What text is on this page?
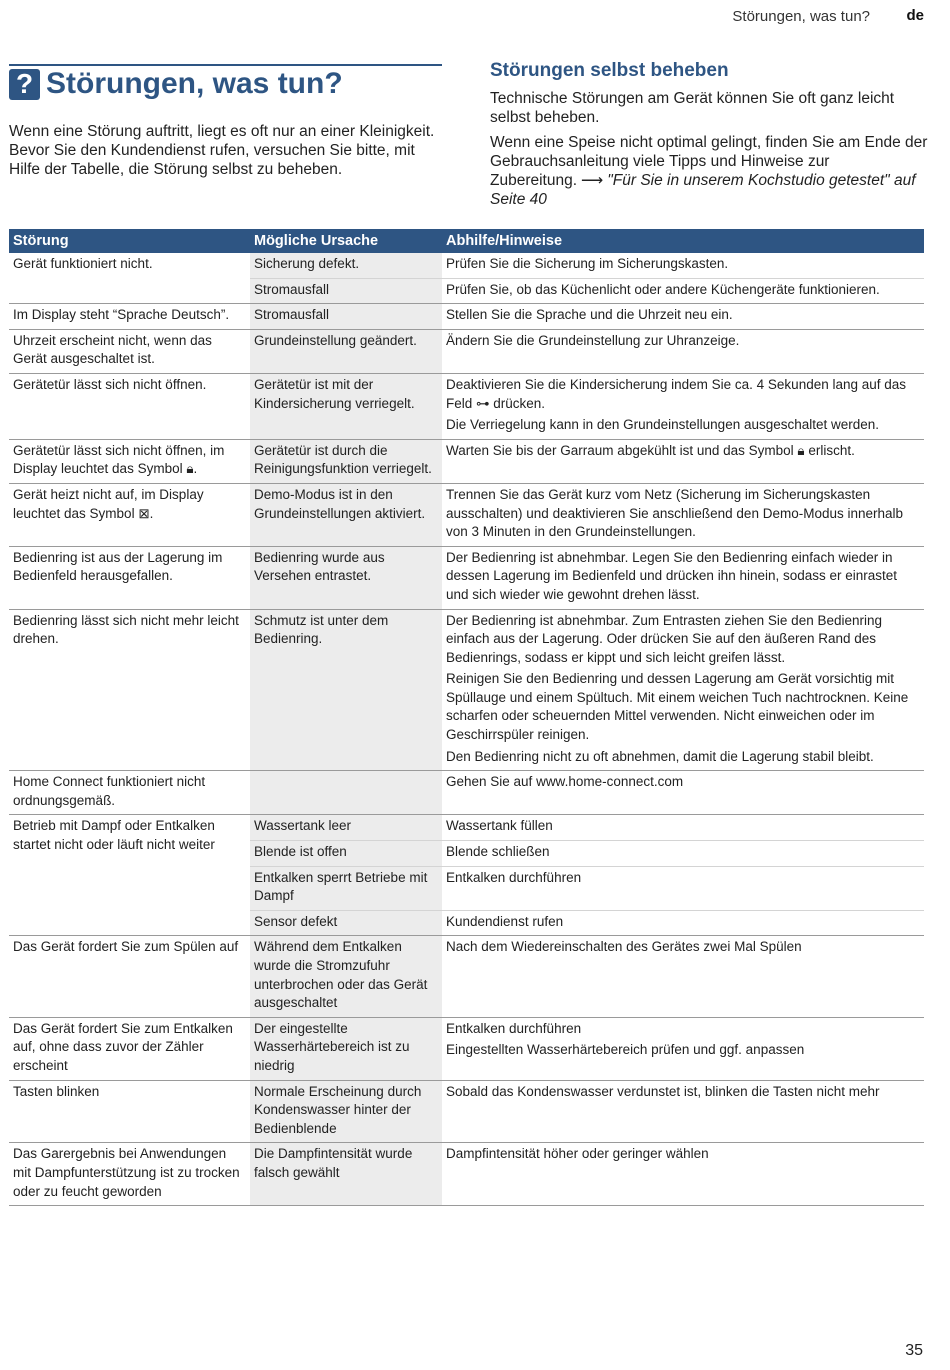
Störungen, was tun? de
? Störungen, was tun?
Wenn eine Störung auftritt, liegt es oft nur an einer Kleinigkeit. Bevor Sie den Kundendienst rufen, versuchen Sie bitte, mit Hilfe der Tabelle, die Störung selbst zu beheben.
Störungen selbst beheben

Technische Störungen am Gerät können Sie oft ganz leicht selbst beheben.

Wenn eine Speise nicht optimal gelingt, finden Sie am Ende der Gebrauchsanleitung viele Tipps und Hinweise zur Zubereitung. ⟶ "Für Sie in unserem Kochstudio getestet" auf Seite 40

Störung	Mögliche Ursache	Abhilfe/Hinweise
Gerät funktioniert nicht.	Sicherung defekt.	Prüfen Sie die Sicherung im Sicherungskasten.

	Stromausfall	Prüfen Sie, ob das Küchenlicht oder andere Küchengeräte funktionieren.

Im Display steht “Sprache Deutsch”.	Stromausfall	Stellen Sie die Sprache und die Uhrzeit neu ein.

Uhrzeit erscheint nicht, wenn das Gerät ausgeschaltet ist.	Grundeinstellung geändert.	Ändern Sie die Grundeinstellung zur Uhranzeige.

Gerätetür lässt sich nicht öffnen.	Gerätetür ist mit der Kindersicherung verriegelt.	Deaktivieren Sie die Kindersicherung indem Sie ca. 4 Sekunden lang auf das Feld ⊶ drücken.
Die Verriegelung kann in den Grundeinstellungen ausgeschaltet werden.

Gerätetür lässt sich nicht öffnen, im Display leuchtet das Symbol 🔒︎.	Gerätetür ist durch die Reinigungsfunktion verriegelt.	Warten Sie bis der Garraum abgekühlt ist und das Symbol 🔒︎ erlischt.

Gerät heizt nicht auf, im Display leuchtet das Symbol ⊠.	Demo-Modus ist in den Grundeinstellungen aktiviert.	Trennen Sie das Gerät kurz vom Netz (Sicherung im Sicherungskasten ausschalten) und deaktivieren Sie anschließend den Demo-Modus innerhalb von 3 Minuten in den Grundeinstellungen.

Bedienring ist aus der Lagerung im Bedienfeld herausgefallen.	Bedienring wurde aus Versehen entrastet.	Der Bedienring ist abnehmbar. Legen Sie den Bedienring einfach wieder in dessen Lagerung im Bedienfeld und drücken ihn hinein, sodass er einrastet und sich wieder wie gewohnt drehen lässt.

Bedienring lässt sich nicht mehr leicht drehen.	Schmutz ist unter dem Bedienring.	Der Bedienring ist abnehmbar. Zum Entrasten ziehen Sie den Bedienring einfach aus der Lagerung. Oder drücken Sie auf den äußeren Rand des Bedienrings, sodass er kippt und sich leicht greifen lässt.
Reinigen Sie den Bedienring und dessen Lagerung am Gerät vorsichtig mit Spüllauge und einem Spültuch. Mit einem weichen Tuch nachtrocknen. Keine scharfen oder scheuernden Mittel verwenden. Nicht einweichen oder im Geschirrspüler reinigen.
Den Bedienring nicht zu oft abnehmen, damit die Lagerung stabil bleibt.

Home Connect funktioniert nicht ordnungsgemäß.		Gehen Sie auf www.home-connect.com

Betrieb mit Dampf oder Entkalken startet nicht oder läuft nicht weiter	Wassertank leer	Wassertank füllen

	Blende ist offen	Blende schließen

	Entkalken sperrt Betriebe mit Dampf	Entkalken durchführen

	Sensor defekt	Kundendienst rufen

Das Gerät fordert Sie zum Spülen auf	Während dem Entkalken wurde die Stromzufuhr unterbrochen oder das Gerät ausgeschaltet	Nach dem Wiedereinschalten des Gerätes zwei Mal Spülen

Das Gerät fordert Sie zum Entkalken auf, ohne dass zuvor der Zähler erscheint	Der eingestellte Wasserhärtebereich ist zu niedrig	Entkalken durchführen
Eingestellten Wasserhärtebereich prüfen und ggf. anpassen

Tasten blinken	Normale Erscheinung durch Kondenswasser hinter der Bedienblende	Sobald das Kondenswasser verdunstet ist, blinken die Tasten nicht mehr

Das Garergebnis bei Anwendungen mit Dampfunterstützung ist zu trocken oder zu feucht geworden	Die Dampfintensität wurde falsch gewählt	Dampfintensität höher oder geringer wählen
35
